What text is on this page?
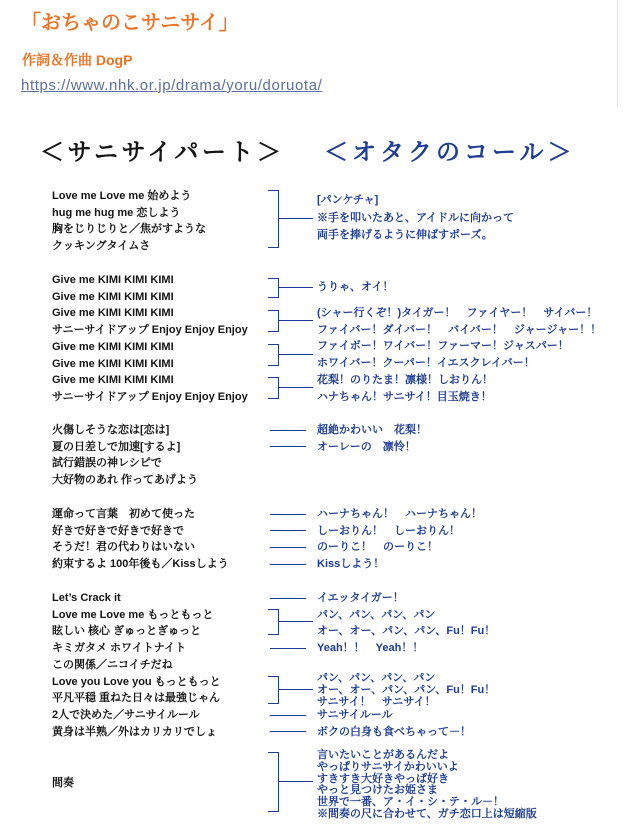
「おちゃのこサニサイ」
作詞＆作曲 DogP
https://www.nhk.or.jp/drama/yoru/doruota/
＜サニサイパート＞ ＜オタクのコール＞
Love me Love me 始めよう
hug me hug me 恋しよう
胸をじりじりと／焦がすような
クッキングタイムさ
[パンケチャ]
※手を叩いたあと、アイドルに向かって
両手を捧げるように伸ばすポーズ。
Give me KIMI KIMI KIMI
Give me KIMI KIMI KIMI
Give me KIMI KIMI KIMI
サニーサイドアップ Enjoy Enjoy Enjoy
Give me KIMI KIMI KIMI
Give me KIMI KIMI KIMI
Give me KIMI KIMI KIMI
サニーサイドアップ Enjoy Enjoy Enjoy
うりゃ、オイ！
(シャー行くぞ！)タイガー！　ファイヤー！　サイバー！
ファイバー！ダイバー！　バイバー！　ジャージャー！！
ファイボー！ワイバー！ファーマー！ジャスパー！
ホワイバー！クーパー！イエスクレイバー！
花梨！のりたま！凛様！しおりん！
ハナちゃん！サニサイ！目玉焼き！
火傷しそうな恋は[恋は]
夏の日差しで加速[するよ]
試行錯誤の神レシピで
大好物のあれ 作ってあげよう
超絶かわいい　花梨！
オーレーの　凛怜！
運命って言葉　初めて使った
好きで好きで好きで好きで
そうだ！君の代わりはいない
約束するよ 100年後も／Kissしよう
ハーナちゃん！　ハーナちゃん！
しーおりん！　しーおりん！
のーりこ！　のーりこ！
Kissしよう！
Let’s Crack it
Love me Love me もっともっと
眩しい 核心 ぎゅっとぎゅっと
キミガタメ ホワイトナイト
この関係／ニコイチだね
Love you Love you もっともっと
平凡平穏 重ねた日々は最強じゃん
2人で決めた／サニサイルール
黄身は半熟／外はカリカリでしょ
イエッタイガー！
パン、パン、パン、パン
オー、オー、パン、パン、Fu！Fu！
Yeah！！　Yeah！！
パン、パン、パン、パン
オー、オー、パン、パン、Fu！Fu！
サニサイ！　サニサイ！
サニサイルール
ボクの白身も食べちゃって－！
間奏
言いたいことがあるんだよ
やっぱりサニサイかわいいよ
すきすき大好きやっぱ好き
やっと見つけたお姫さま
世界で一番、ア・イ・シ・テ・ル－！
※間奏の尺に合わせて、ガチ恋口上は短縮版
